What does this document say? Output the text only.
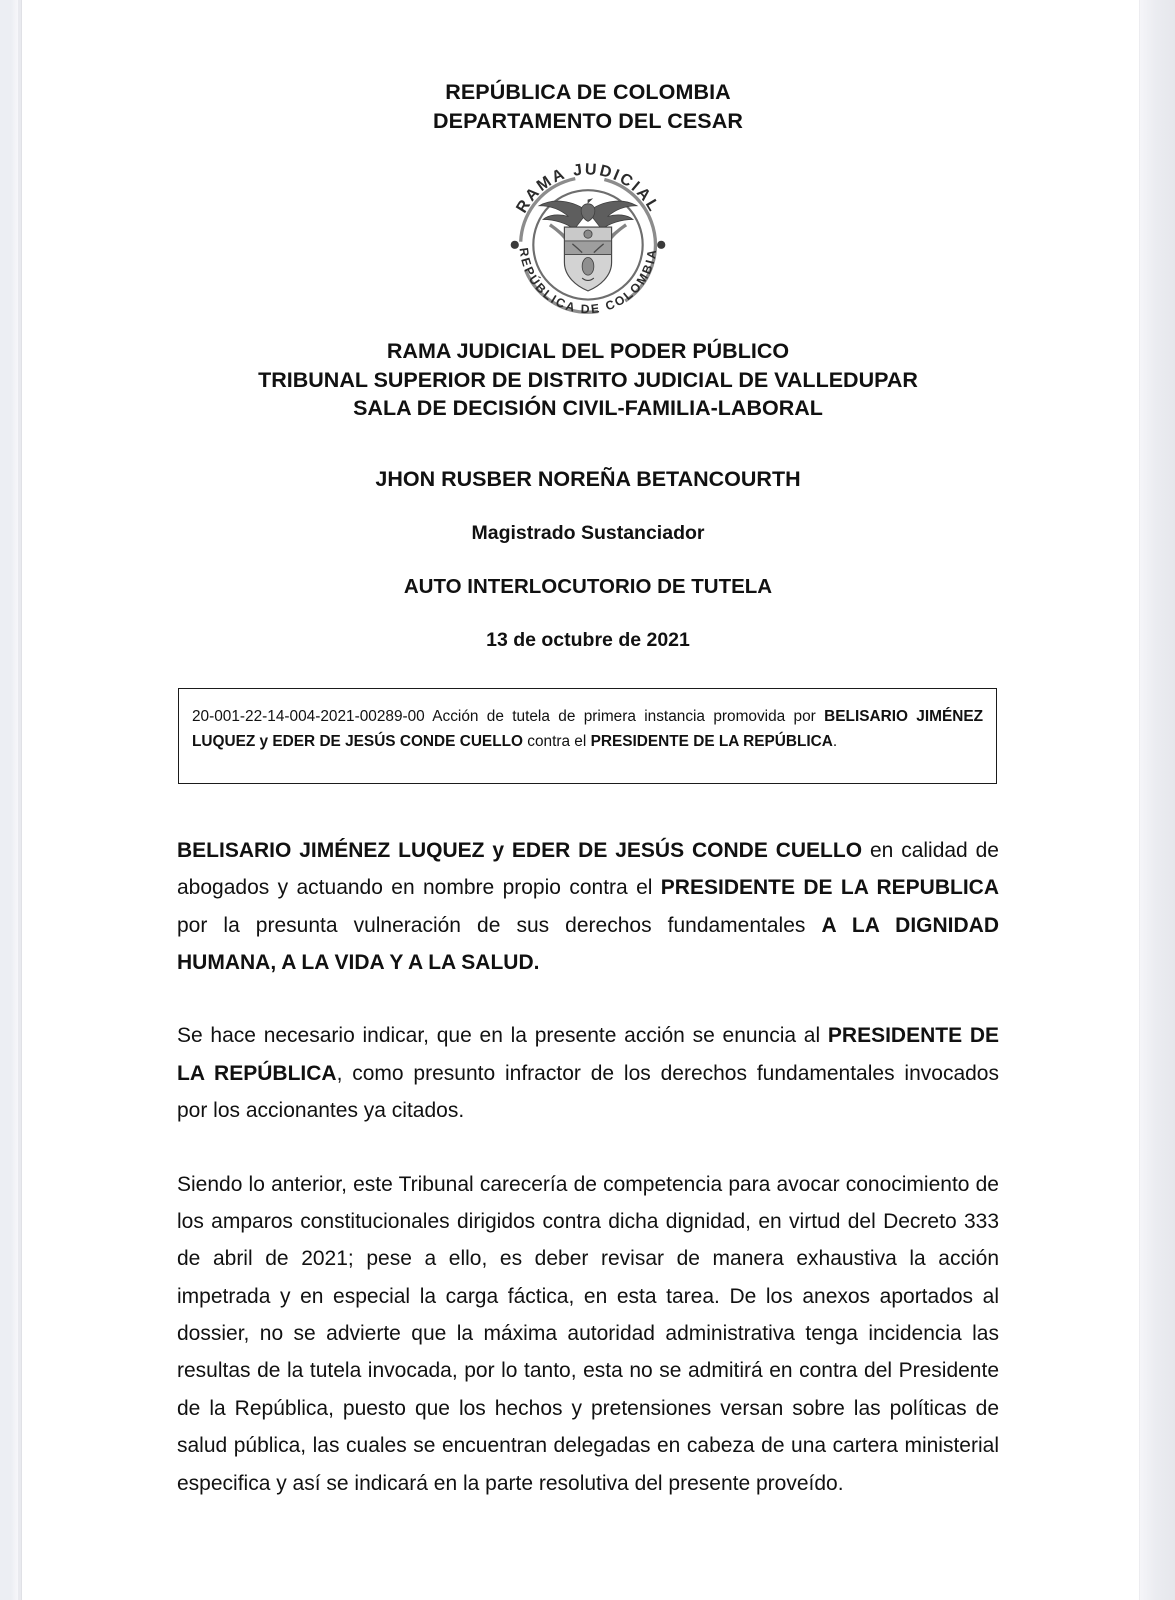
REPÚBLICA DE COLOMBIA
DEPARTAMENTO DEL CESAR
RAMA JUDICIAL
REPÚBLICA DE COLOMBIA
RAMA JUDICIAL DEL PODER PÚBLICO
TRIBUNAL SUPERIOR DE DISTRITO JUDICIAL DE VALLEDUPAR
SALA DE DECISIÓN CIVIL-FAMILIA-LABORAL
JHON RUSBER NOREÑA BETANCOURTH
Magistrado Sustanciador
AUTO INTERLOCUTORIO DE TUTELA
13 de octubre de 2021

20-001-22-14-004-2021-00289-00 Acción de tutela de primera instancia promovida por BELISARIO JIMÉNEZ LUQUEZ y EDER DE JESÚS CONDE CUELLO contra el PRESIDENTE DE LA REPÚBLICA.

BELISARIO JIMÉNEZ LUQUEZ y EDER DE JESÚS CONDE CUELLO en calidad de abogados y actuando en nombre propio contra el PRESIDENTE DE LA REPUBLICA por la presunta vulneración de sus derechos fundamentales A LA DIGNIDAD HUMANA, A LA VIDA Y A LA SALUD.

Se hace necesario indicar, que en la presente acción se enuncia al PRESIDENTE DE LA REPÚBLICA, como presunto infractor de los derechos fundamentales invocados por los accionantes ya citados.

Siendo lo anterior, este Tribunal carecería de competencia para avocar conocimiento de los amparos constitucionales dirigidos contra dicha dignidad, en virtud del Decreto 333 de abril de 2021; pese a ello, es deber revisar de manera exhaustiva la acción impetrada y en especial la carga fáctica, en esta tarea. De los anexos aportados al dossier, no se advierte que la máxima autoridad administrativa tenga incidencia las resultas de la tutela invocada, por lo tanto, esta no se admitirá en contra del Presidente de la República, puesto que los hechos y pretensiones versan sobre las políticas de salud pública, las cuales se encuentran delegadas en cabeza de una cartera ministerial especifica y así se indicará en la parte resolutiva del presente proveído.
